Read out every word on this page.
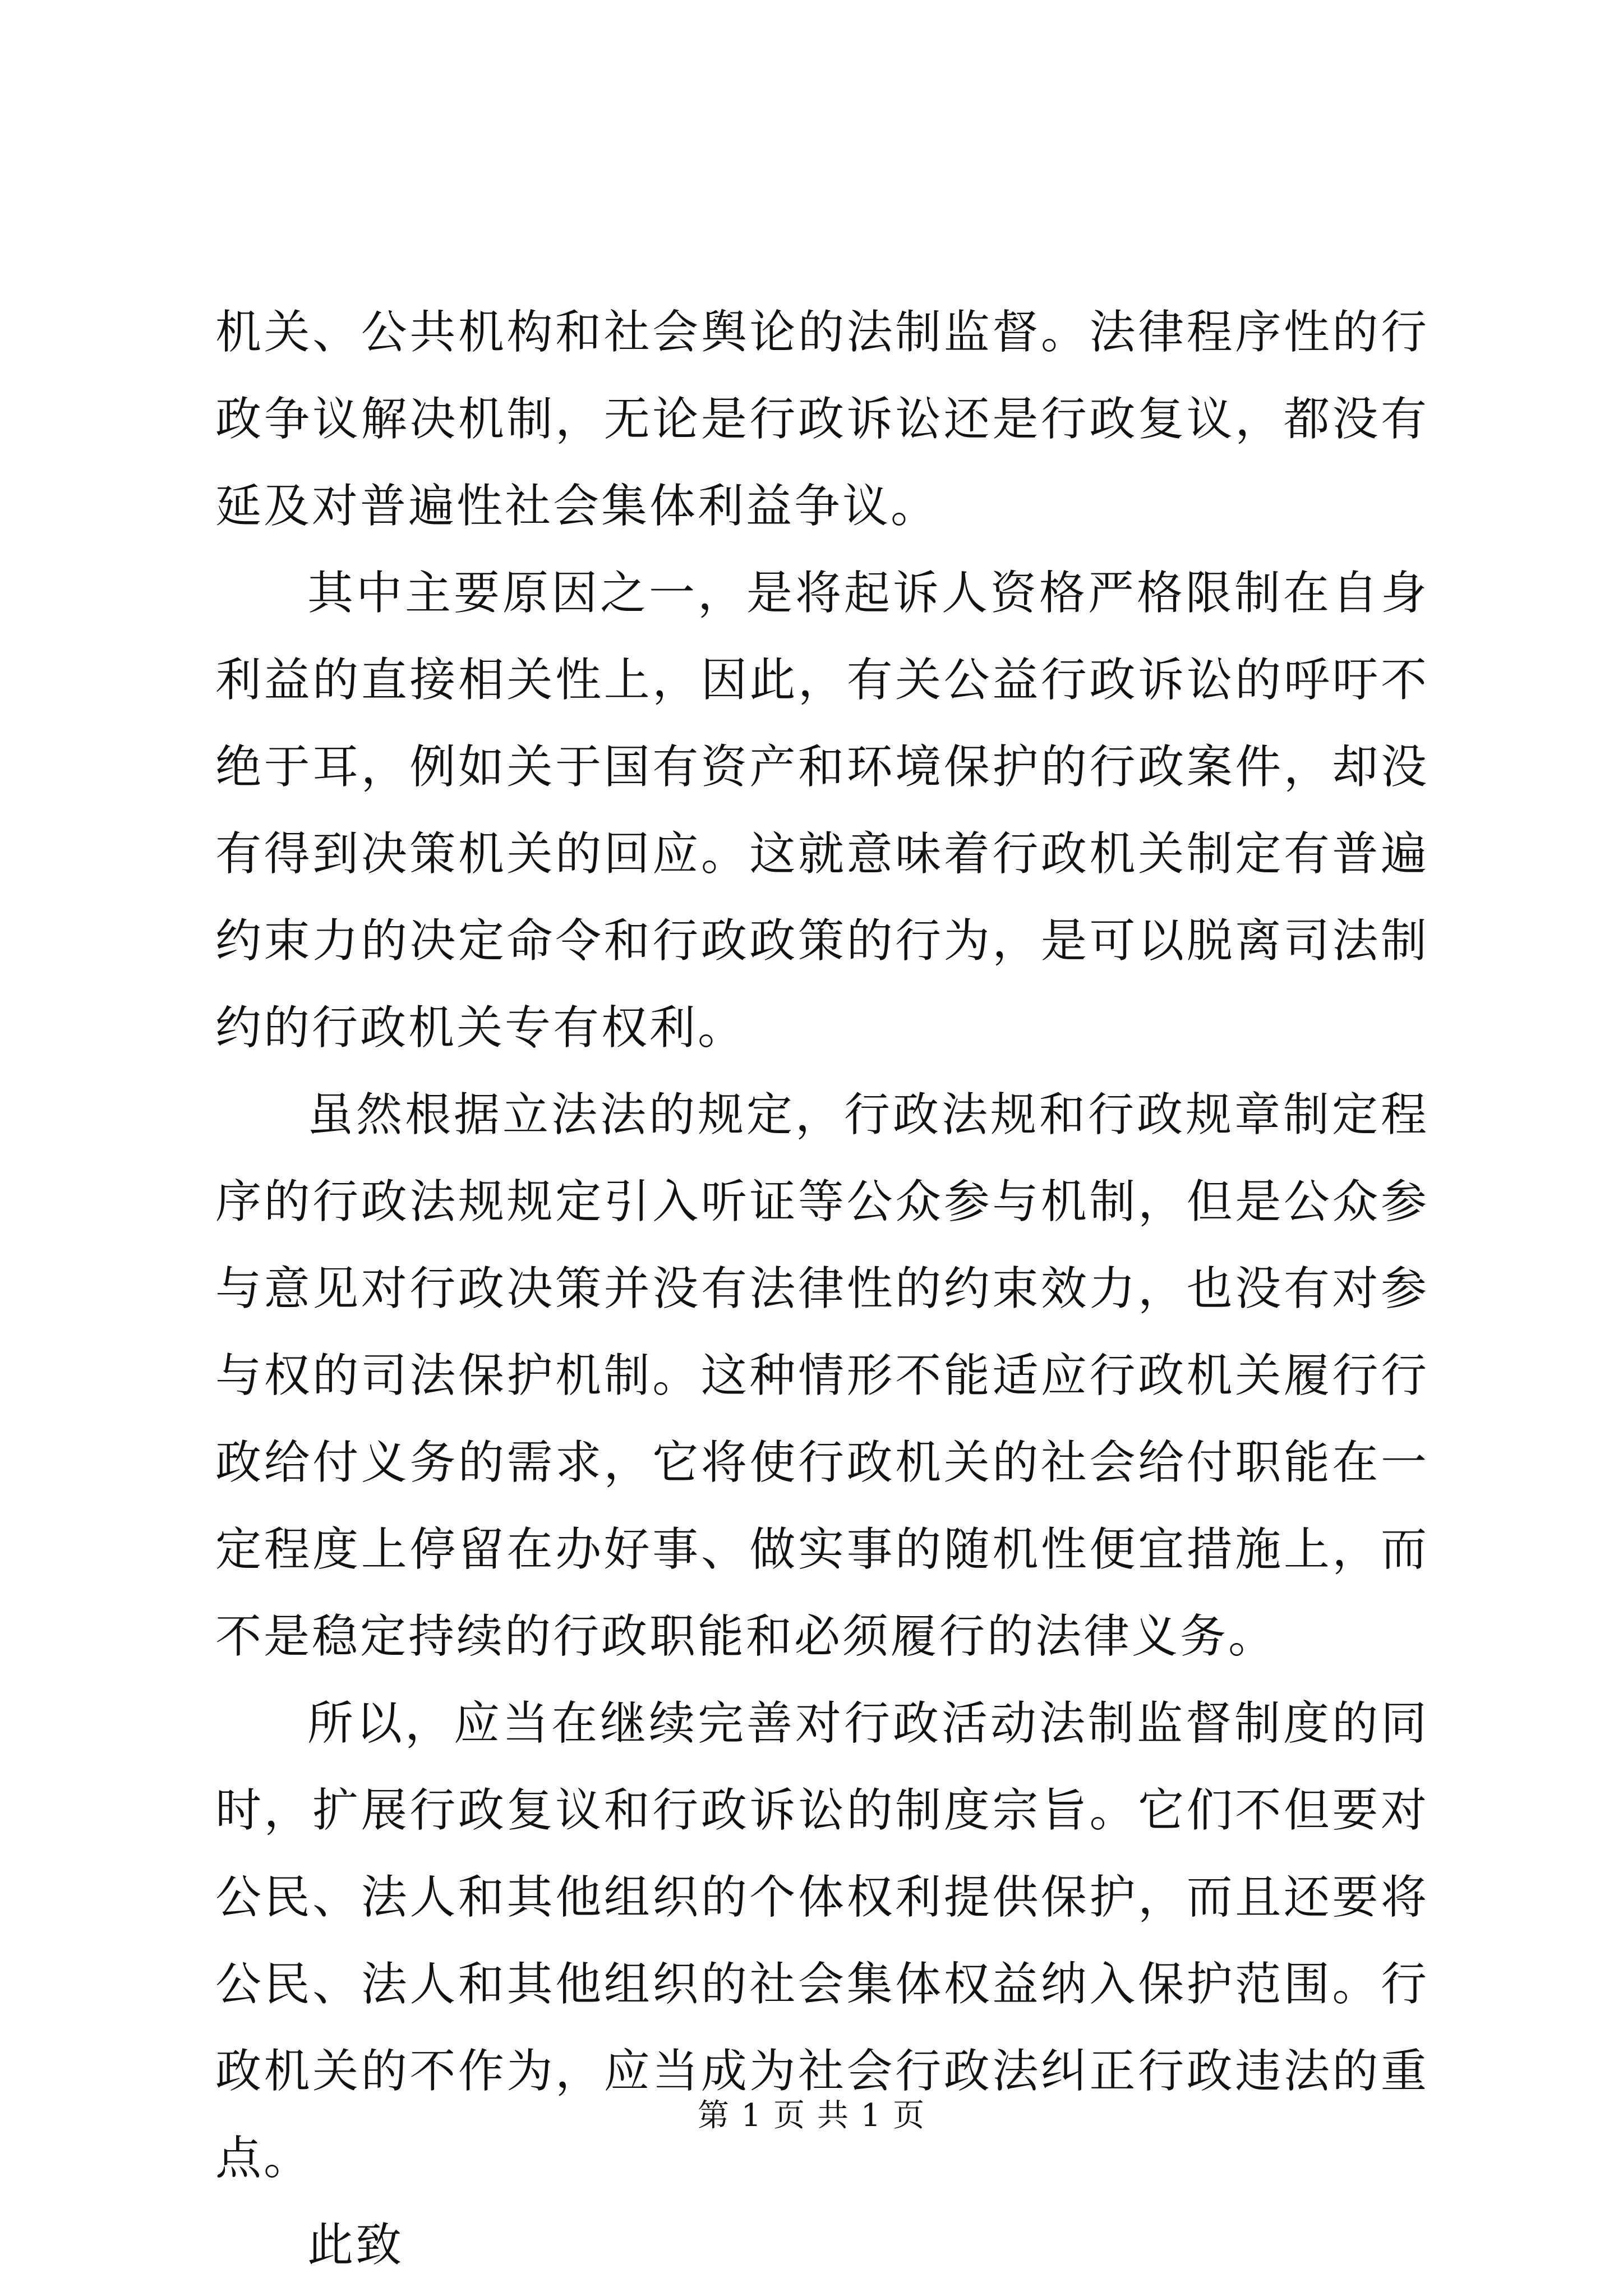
机关、公共机构和社会舆论的法制监督。法律程序性的行政争议解决机制，无论是行政诉讼还是行政复议，都没有延及对普遍性社会集体利益争议。

其中主要原因之一，是将起诉人资格严格限制在自身利益的直接相关性上，因此，有关公益行政诉讼的呼吁不绝于耳，例如关于国有资产和环境保护的行政案件，却没有得到决策机关的回应。这就意味着行政机关制定有普遍约束力的决定命令和行政政策的行为，是可以脱离司法制约的行政机关专有权利。

虽然根据立法法的规定，行政法规和行政规章制定程序的行政法规规定引入听证等公众参与机制，但是公众参与意见对行政决策并没有法律性的约束效力，也没有对参与权的司法保护机制。这种情形不能适应行政机关履行行政给付义务的需求，它将使行政机关的社会给付职能在一定程度上停留在办好事、做实事的随机性便宜措施上，而不是稳定持续的行政职能和必须履行的法律义务。

所以，应当在继续完善对行政活动法制监督制度的同时，扩展行政复议和行政诉讼的制度宗旨。它们不但要对公民、法人和其他组织的个体权利提供保护，而且还要将公民、法人和其他组织的社会集体权益纳入保护范围。行政机关的不作为，应当成为社会行政法纠正行政违法的重点。

此致

第 1 页 共 1 页
